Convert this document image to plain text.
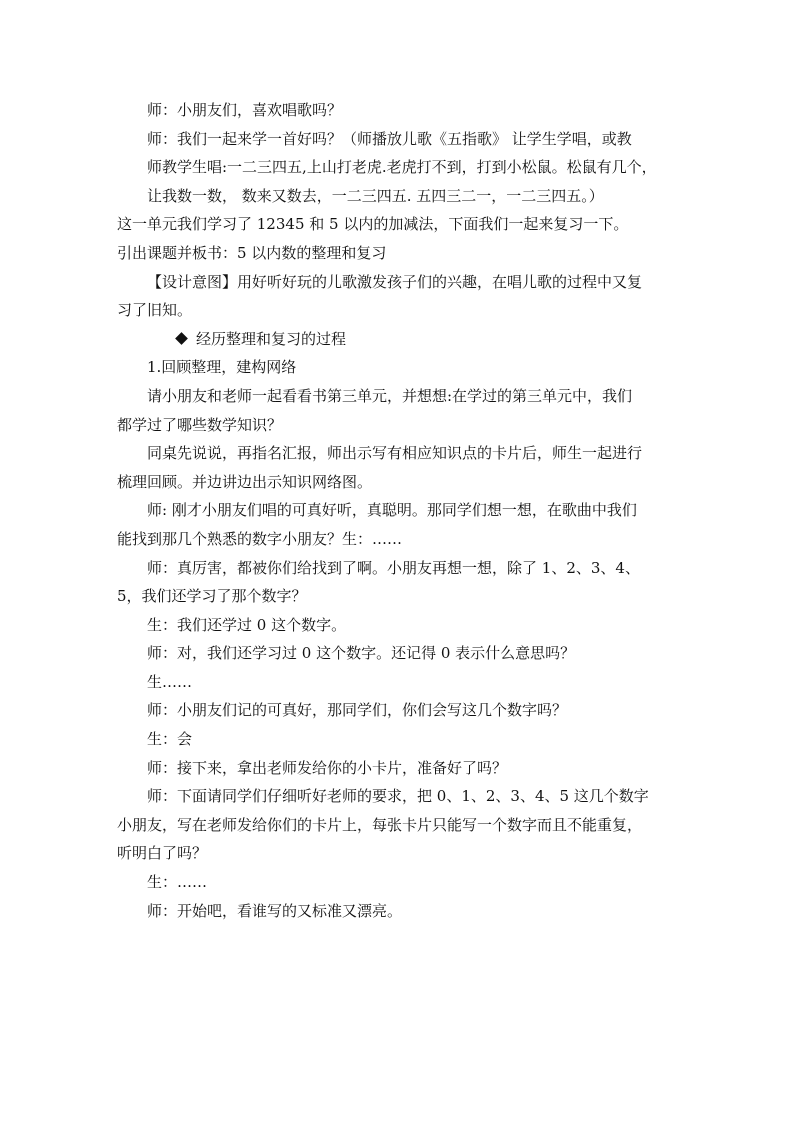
师：小朋友们，喜欢唱歌吗？

师：我们一起来学一首好吗？（师播放儿歌《五指歌》 让学生学唱，或教
师教学生唱:一二三四五,上山打老虎.老虎打不到，打到小松鼠。松鼠有几个，
让我数一数， 数来又数去，一二三四五. 五四三二一，一二三四五。）

这一单元我们学习了 12345 和 5 以内的加减法，下面我们一起来复习一下。
引出课题并板书：5 以内数的整理和复习

【设计意图】用好听好玩的儿歌激发孩子们的兴趣，在唱儿歌的过程中又复
习了旧知。

经历整理和复习的过程

1.回顾整理，建构网络

请小朋友和老师一起看看书第三单元，并想想:在学过的第三单元中，我们
都学过了哪些数学知识？

同桌先说说，再指名汇报，师出示写有相应知识点的卡片后，师生一起进行
梳理回顾。并边讲边出示知识网络图。

师: 刚才小朋友们唱的可真好听，真聪明。那同学们想一想，在歌曲中我们
能找到那几个熟悉的数字小朋友？生：……

师：真厉害，都被你们给找到了啊。小朋友再想一想，除了 1、2、3、4、
5，我们还学习了那个数字？

生：我们还学过 0 这个数字。

师：对，我们还学习过 0 这个数字。还记得 0 表示什么意思吗？

生……

师：小朋友们记的可真好，那同学们，你们会写这几个数字吗？

生：会

师：接下来，拿出老师发给你的小卡片，准备好了吗？

师：下面请同学们仔细听好老师的要求，把 0、1、2、3、4、5 这几个数字
小朋友，写在老师发给你们的卡片上，每张卡片只能写一个数字而且不能重复，
听明白了吗？

生：……

师：开始吧，看谁写的又标准又漂亮。
